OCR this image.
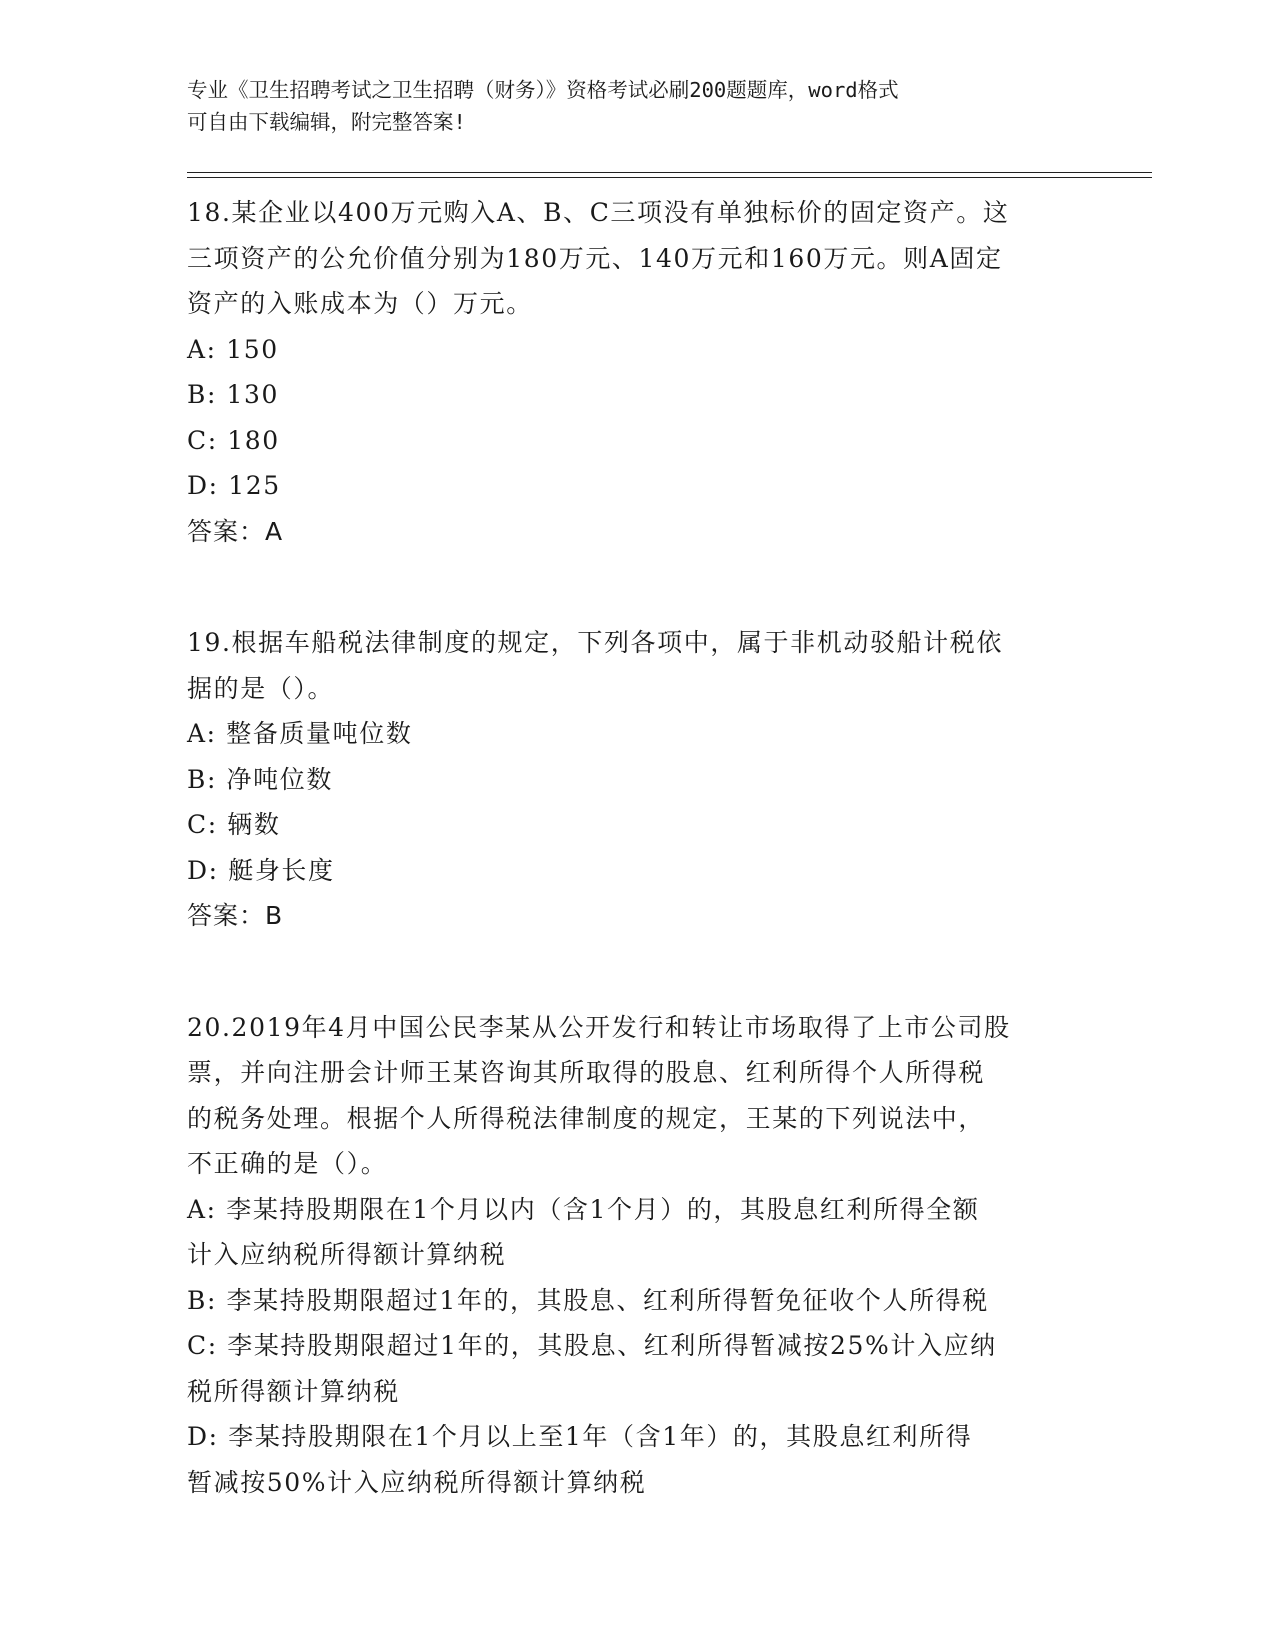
专业《卫生招聘考试之卫生招聘（财务）》资格考试必刷200题题库，word格式
可自由下载编辑，附完整答案!
18.某企业以400万元购入A、B、C三项没有单独标价的固定资产。这
三项资产的公允价值分别为180万元、140万元和160万元。则A固定
资产的入账成本为（）万元。
A: 150
B: 130
C: 180
D: 125
答案：A
19.根据车船税法律制度的规定，下列各项中，属于非机动驳船计税依
据的是（）。
A: 整备质量吨位数
B: 净吨位数
C: 辆数
D: 艇身长度
答案：B
20.2019年4月中国公民李某从公开发行和转让市场取得了上市公司股
票，并向注册会计师王某咨询其所取得的股息、红利所得个人所得税
的税务处理。根据个人所得税法律制度的规定，王某的下列说法中，
不正确的是（）。
A: 李某持股期限在1个月以内（含1个月）的，其股息红利所得全额
计入应纳税所得额计算纳税
B: 李某持股期限超过1年的，其股息、红利所得暂免征收个人所得税
C: 李某持股期限超过1年的，其股息、红利所得暂减按25%计入应纳
税所得额计算纳税
D: 李某持股期限在1个月以上至1年（含1年）的，其股息红利所得
暂减按50%计入应纳税所得额计算纳税
